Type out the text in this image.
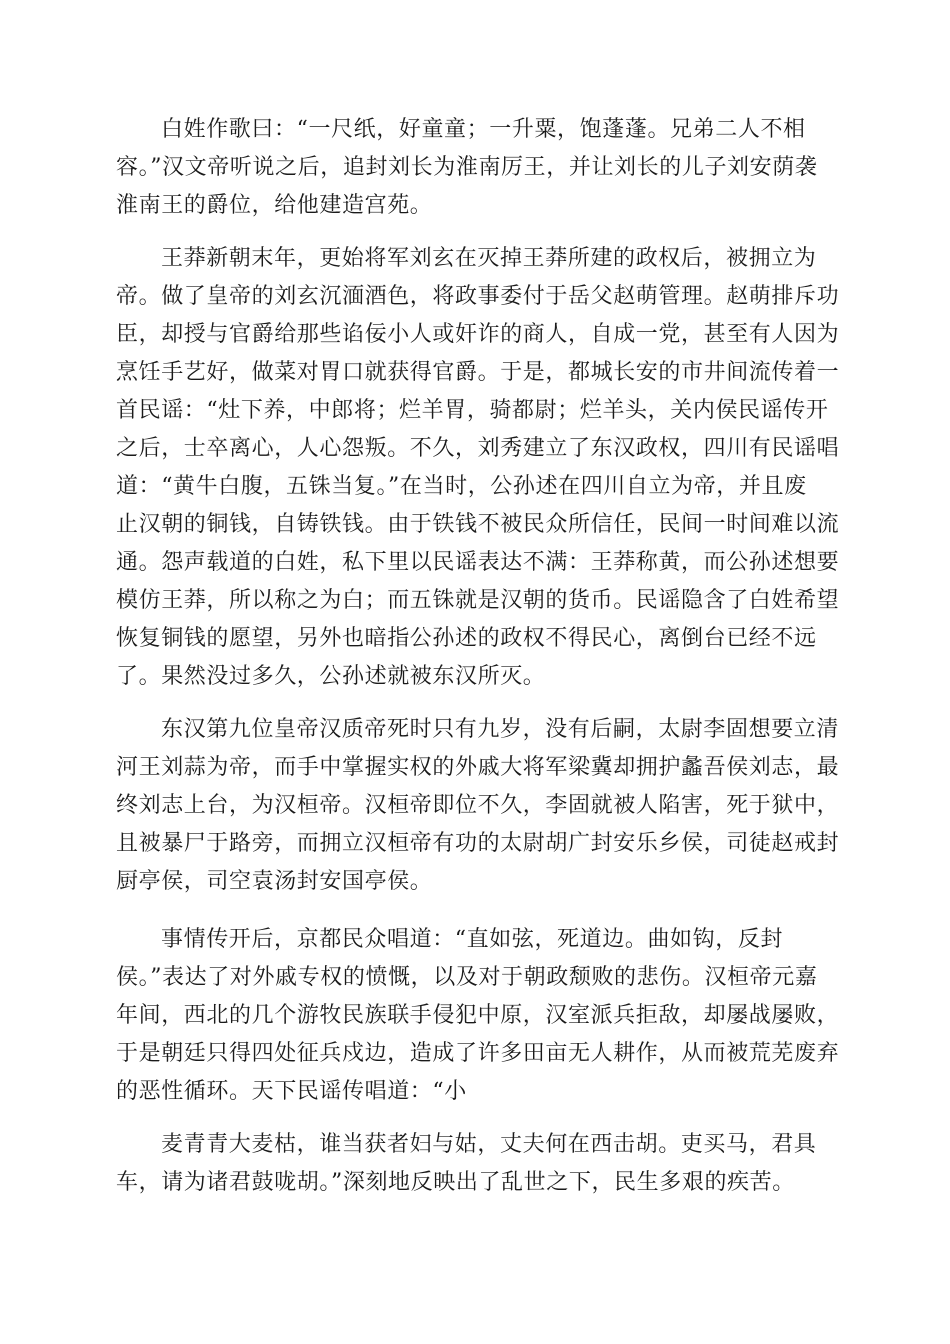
白姓作歌曰：“一尺纸，好童童；一升粟，饱蓬蓬。兄弟二人不相

容。”汉文帝听说之后，追封刘长为淮南厉王，并让刘长的儿子刘安荫袭

淮南王的爵位，给他建造宫苑。

王莽新朝末年，更始将军刘玄在灭掉王莽所建的政权后，被拥立为

帝。做了皇帝的刘玄沉湎酒色，将政事委付于岳父赵萌管理。赵萌排斥功

臣，却授与官爵给那些谄佞小人或奸诈的商人，自成一党，甚至有人因为

烹饪手艺好，做菜对胃口就获得官爵。于是，都城长安的市井间流传着一

首民谣：“灶下养，中郎将；烂羊胃，骑都尉；烂羊头，关内侯民谣传开

之后，士卒离心，人心怨叛。不久，刘秀建立了东汉政权，四川有民谣唱

道：“黄牛白腹，五铢当复。”在当时，公孙述在四川自立为帝，并且废

止汉朝的铜钱，自铸铁钱。由于铁钱不被民众所信任，民间一时间难以流

通。怨声载道的白姓，私下里以民谣表达不满：王莽称黄，而公孙述想要

模仿王莽，所以称之为白；而五铢就是汉朝的货币。民谣隐含了白姓希望

恢复铜钱的愿望，另外也暗指公孙述的政权不得民心，离倒台已经不远

了。果然没过多久，公孙述就被东汉所灭。

东汉第九位皇帝汉质帝死时只有九岁，没有后嗣，太尉李固想要立清

河王刘蒜为帝，而手中掌握实权的外戚大将军梁冀却拥护蠡吾侯刘志，最

终刘志上台，为汉桓帝。汉桓帝即位不久，李固就被人陷害，死于狱中，

且被暴尸于路旁，而拥立汉桓帝有功的太尉胡广封安乐乡侯，司徒赵戒封

厨亭侯，司空袁汤封安国亭侯。

事情传开后，京都民众唱道：“直如弦，死道边。曲如钩，反封

侯。”表达了对外戚专权的愤慨，以及对于朝政颓败的悲伤。汉桓帝元嘉

年间，西北的几个游牧民族联手侵犯中原，汉室派兵拒敌，却屡战屡败，

于是朝廷只得四处征兵戍边，造成了许多田亩无人耕作，从而被荒芜废弃

的恶性循环。天下民谣传唱道：“小

麦青青大麦枯，谁当获者妇与姑，丈夫何在西击胡。吏买马，君具

车，请为诸君鼓咙胡。”深刻地反映出了乱世之下，民生多艰的疾苦。
